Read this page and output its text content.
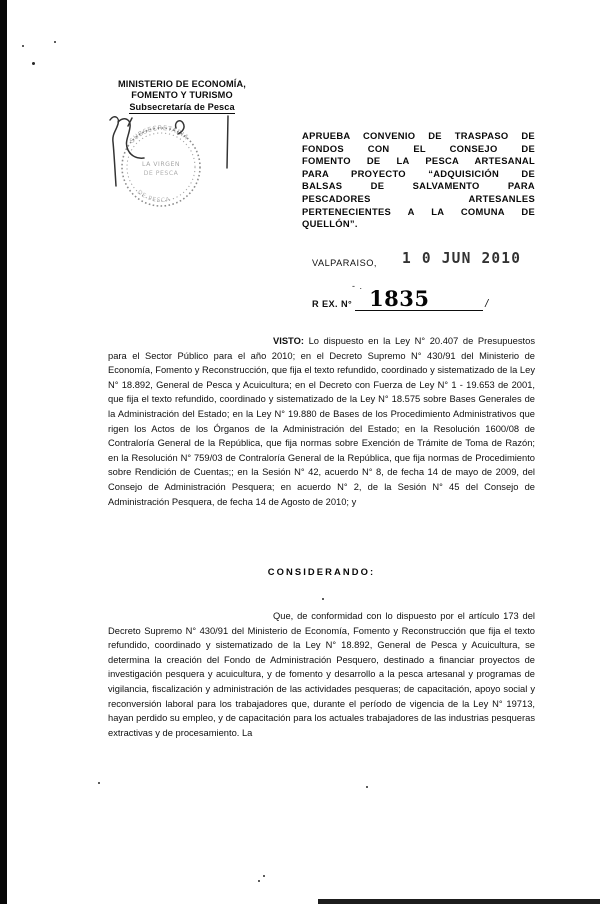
MINISTERIO DE ECONOMÍA,
FOMENTO Y TURISMO
Subsecretaría de Pesca
SUBSECRETARIA
DE PESCA
LA VIRGEN
DE PESCA
APRUEBA CONVENIO DE TRASPASO DE
FONDOS CON EL CONSEJO DE
FOMENTO DE LA PESCA ARTESANAL
PARA PROYECTO “ADQUISICIÓN DE
BALSAS DE SALVAMENTO PARA
PESCADORES ARTESANLES
PERTENECIENTES A LA COMUNA DE
QUELLÓN”.
VALPARAISO, 1 0 JUN 2010
- .
R EX. N° 1835	/
VISTO: Lo dispuesto en la Ley N° 20.407 de Presupuestos para el Sector Público para el año 2010; en el Decreto Supremo N° 430/91 del Ministerio de Economía, Fomento y Reconstrucción, que fija el texto refundido, coordinado y sistematizado de la Ley N° 18.892, General de Pesca y Acuicultura; en el Decreto con Fuerza de Ley N° 1 - 19.653 de 2001, que fija el texto refundido, coordinado y sistematizado de la Ley N° 18.575 sobre Bases Generales de la Administración del Estado; en la Ley N° 19.880 de Bases de los Procedimiento Administrativos que rigen los Actos de los Órganos de la Administración del Estado; en la Resolución 1600/08 de Contraloría General de la República, que fija normas sobre Exención de Trámite de Toma de Razón; en la Resolución N° 759/03 de Contraloría General de la República, que fija normas de Procedimiento sobre Rendición de Cuentas;; en la Sesión N° 42, acuerdo N° 8, de fecha 14 de mayo de 2009, del Consejo de Administración Pesquera; en acuerdo N° 2, de la Sesión N° 45 del Consejo de Administración Pesquera, de fecha 14 de Agosto de 2010; y
CONSIDERANDO:
Que, de conformidad con lo dispuesto por el artículo 173 del Decreto Supremo N° 430/91 del Ministerio de Economía, Fomento y Reconstrucción que fija el texto refundido, coordinado y sistematizado de la Ley N° 18.892, General de Pesca y Acuicultura, se determina la creación del Fondo de Administración Pesquero, destinado a financiar proyectos de investigación pesquera y acuicultura, y de fomento y desarrollo a la pesca artesanal y programas de vigilancia, fiscalización y administración de las actividades pesqueras; de capacitación, apoyo social y reconversión laboral para los trabajadores que, durante el período de vigencia de la Ley N° 19713, hayan perdido su empleo, y de capacitación para los actuales trabajadores de las industrias pesqueras extractivas y de procesamiento. La
